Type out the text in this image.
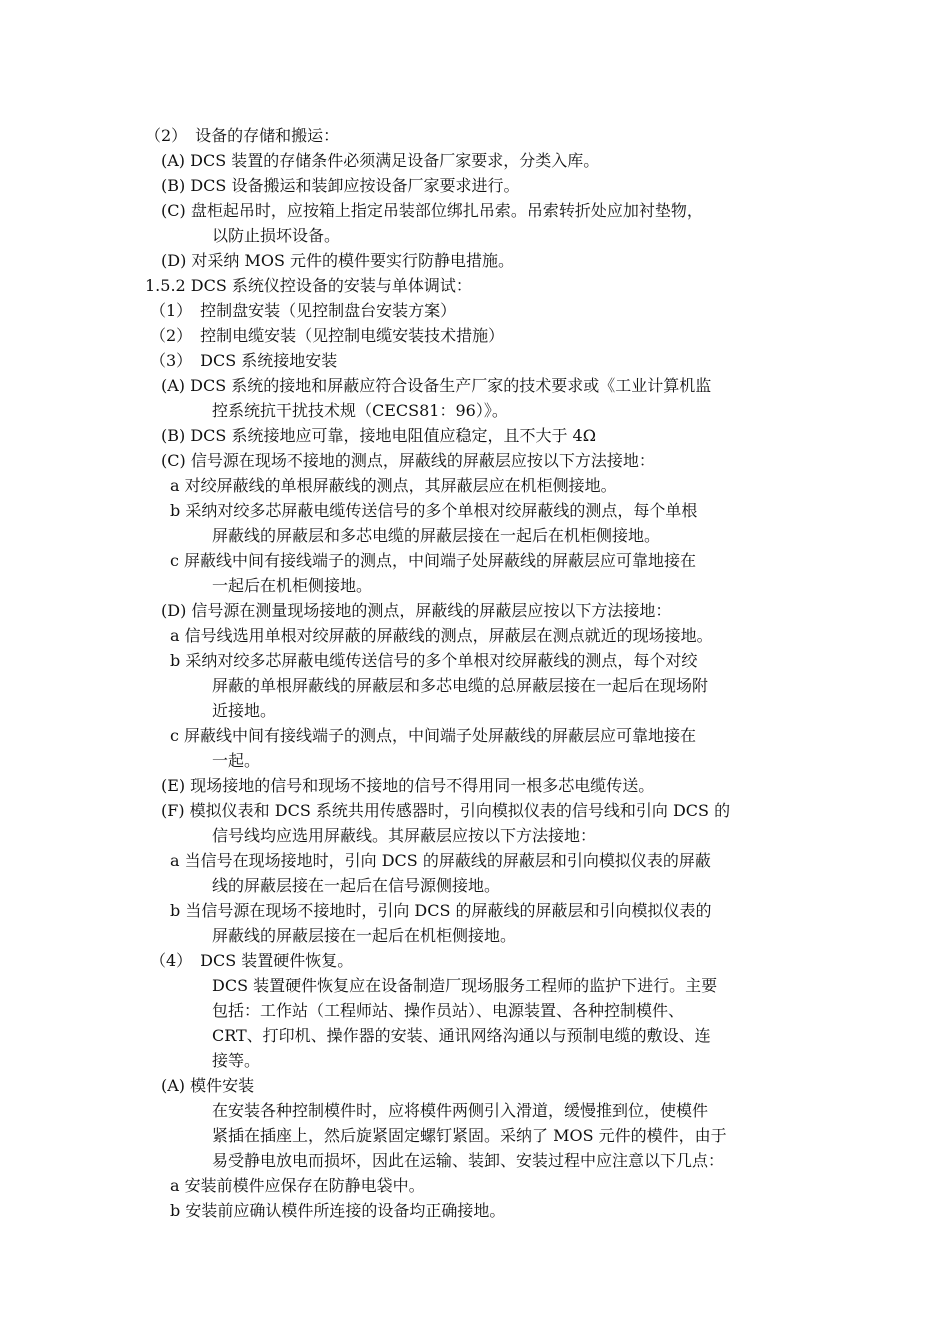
（2）　设备的存储和搬运：
(A) DCS 装置的存储条件必须满足设备厂家要求，分类入库。
(B) DCS 设备搬运和装卸应按设备厂家要求进行。
(C) 盘柜起吊时，应按箱上指定吊装部位绑扎吊索。吊索转折处应加衬垫物，
以防止损坏设备。
(D) 对采纳 MOS 元件的模件要实行防静电措施。
1.5.2 DCS 系统仪控设备的安装与单体调试：
（1）　控制盘安装（见控制盘台安装方案）
（2）　控制电缆安装（见控制电缆安装技术措施）
（3）　DCS 系统接地安装
(A) DCS 系统的接地和屏蔽应符合设备生产厂家的技术要求或《工业计算机监
控系统抗干扰技术规（CECS81：96）》。
(B) DCS 系统接地应可靠，接地电阻值应稳定，且不大于 4Ω
(C) 信号源在现场不接地的测点，屏蔽线的屏蔽层应按以下方法接地：
a 对绞屏蔽线的单根屏蔽线的测点，其屏蔽层应在机柜侧接地。
b 采纳对绞多芯屏蔽电缆传送信号的多个单根对绞屏蔽线的测点，每个单根
屏蔽线的屏蔽层和多芯电缆的屏蔽层接在一起后在机柜侧接地。
c 屏蔽线中间有接线端子的测点，中间端子处屏蔽线的屏蔽层应可靠地接在
一起后在机柜侧接地。
(D) 信号源在测量现场接地的测点，屏蔽线的屏蔽层应按以下方法接地：
a 信号线选用单根对绞屏蔽的屏蔽线的测点，屏蔽层在测点就近的现场接地。
b 采纳对绞多芯屏蔽电缆传送信号的多个单根对绞屏蔽线的测点，每个对绞
屏蔽的单根屏蔽线的屏蔽层和多芯电缆的总屏蔽层接在一起后在现场附
近接地。
c 屏蔽线中间有接线端子的测点，中间端子处屏蔽线的屏蔽层应可靠地接在
一起。
(E) 现场接地的信号和现场不接地的信号不得用同一根多芯电缆传送。
(F) 模拟仪表和 DCS 系统共用传感器时，引向模拟仪表的信号线和引向 DCS 的
信号线均应选用屏蔽线。其屏蔽层应按以下方法接地：
a 当信号在现场接地时，引向 DCS 的屏蔽线的屏蔽层和引向模拟仪表的屏蔽
线的屏蔽层接在一起后在信号源侧接地。
b 当信号源在现场不接地时，引向 DCS 的屏蔽线的屏蔽层和引向模拟仪表的
屏蔽线的屏蔽层接在一起后在机柜侧接地。
（4）　DCS 装置硬件恢复。
DCS 装置硬件恢复应在设备制造厂现场服务工程师的监护下进行。主要
包括：工作站（工程师站、操作员站）、电源装置、各种控制模件、
CRT、打印机、操作器的安装、通讯网络沟通以与预制电缆的敷设、连
接等。
(A) 模件安装
在安装各种控制模件时，应将模件两侧引入滑道，缓慢推到位，使模件
紧插在插座上，然后旋紧固定螺钉紧固。采纳了 MOS 元件的模件，由于
易受静电放电而损坏，因此在运输、装卸、安装过程中应注意以下几点：
a 安装前模件应保存在防静电袋中。
b 安装前应确认模件所连接的设备均正确接地。
